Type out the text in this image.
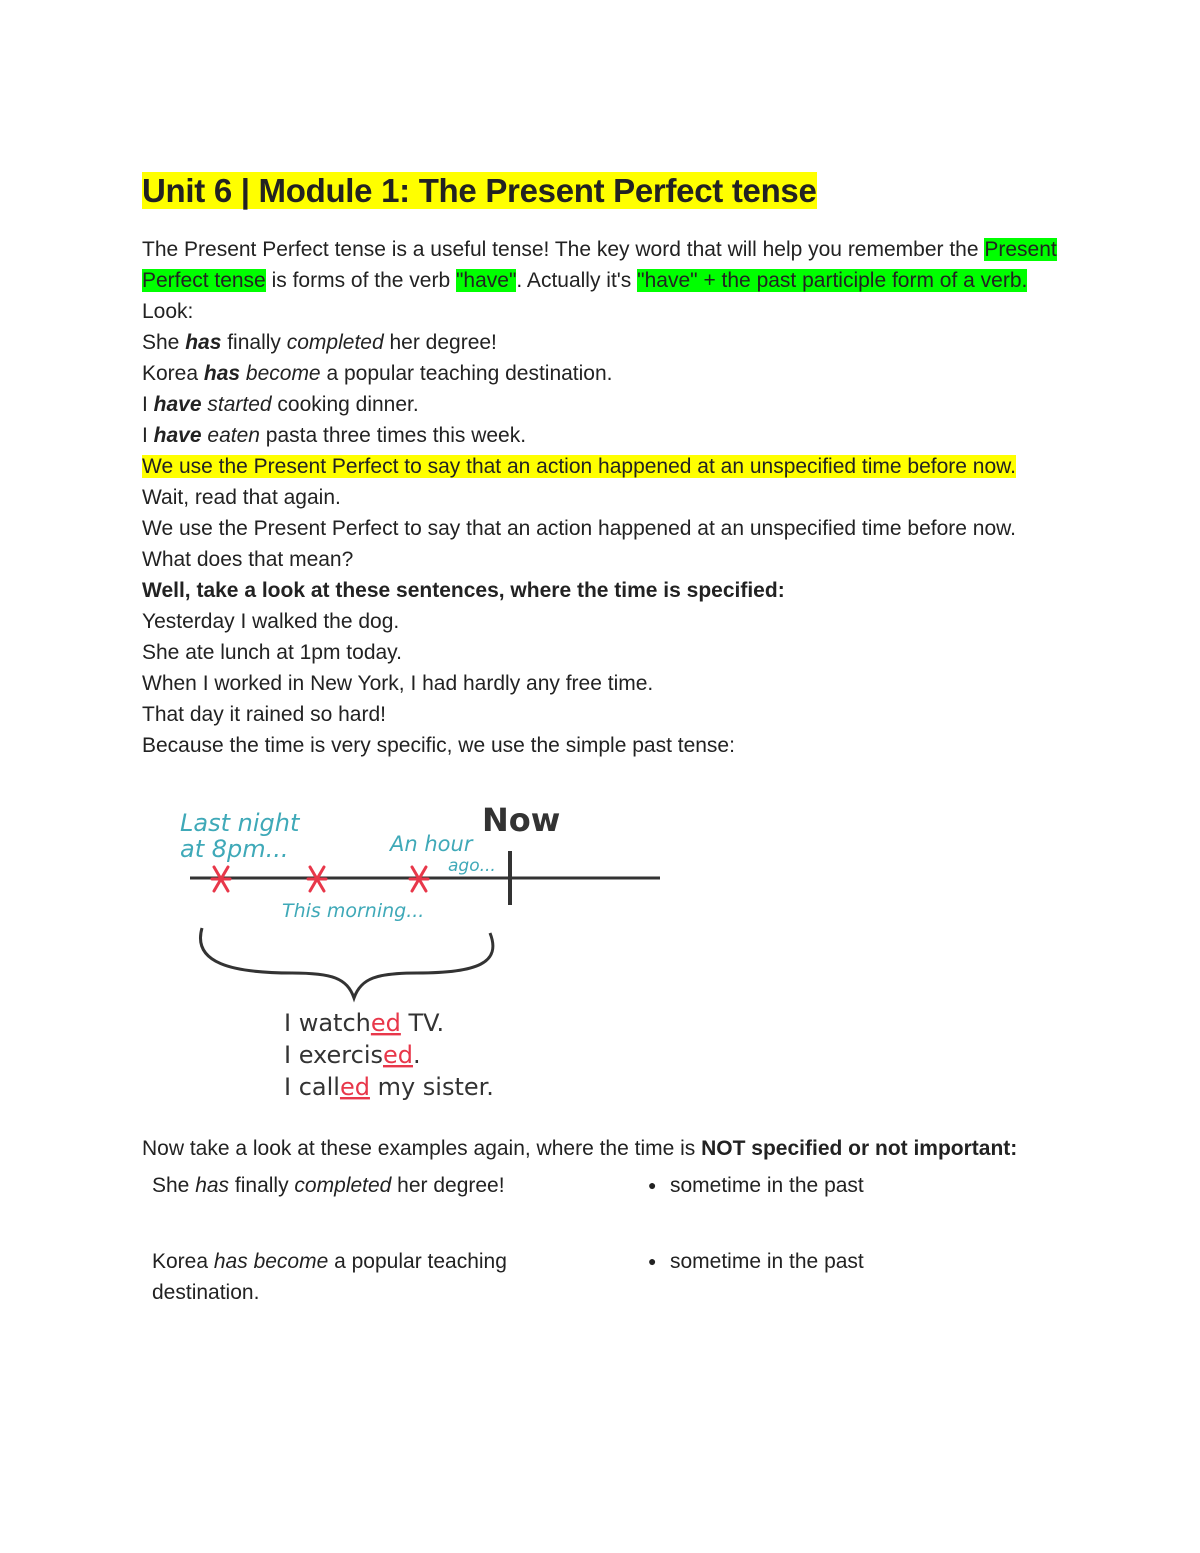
Unit 6 | Module 1: The Present Perfect tense

The Present Perfect tense is a useful tense! The key word that will help you remember the Present Perfect tense is forms of the verb "have". Actually it's "have" + the past participle form of a verb.

Look:
She has finally completed her degree!
Korea has become a popular teaching destination.
I have started cooking dinner.
I have eaten pasta three times this week.

We use the Present Perfect to say that an action happened at an unspecified time before now.

Wait, read that again.

We use the Present Perfect to say that an action happened at an unspecified time before now.

What does that mean?
Well, take a look at these sentences, where the time is specified:
Yesterday I walked the dog.
She ate lunch at 1pm today.
When I worked in New York, I had hardly any free time.
That day it rained so hard!
Because the time is very specific, we use the simple past tense:
Last night
at 8pm...	An hour
ago...
Now
This morning...
I watched TV.
I exercised.
I called my sister.
Now take a look at these examples again, where the time is NOT specified or not important:
She has finally completed her degree!	● sometime in the past
Korea has become a popular teaching destination.	● sometime in the past
